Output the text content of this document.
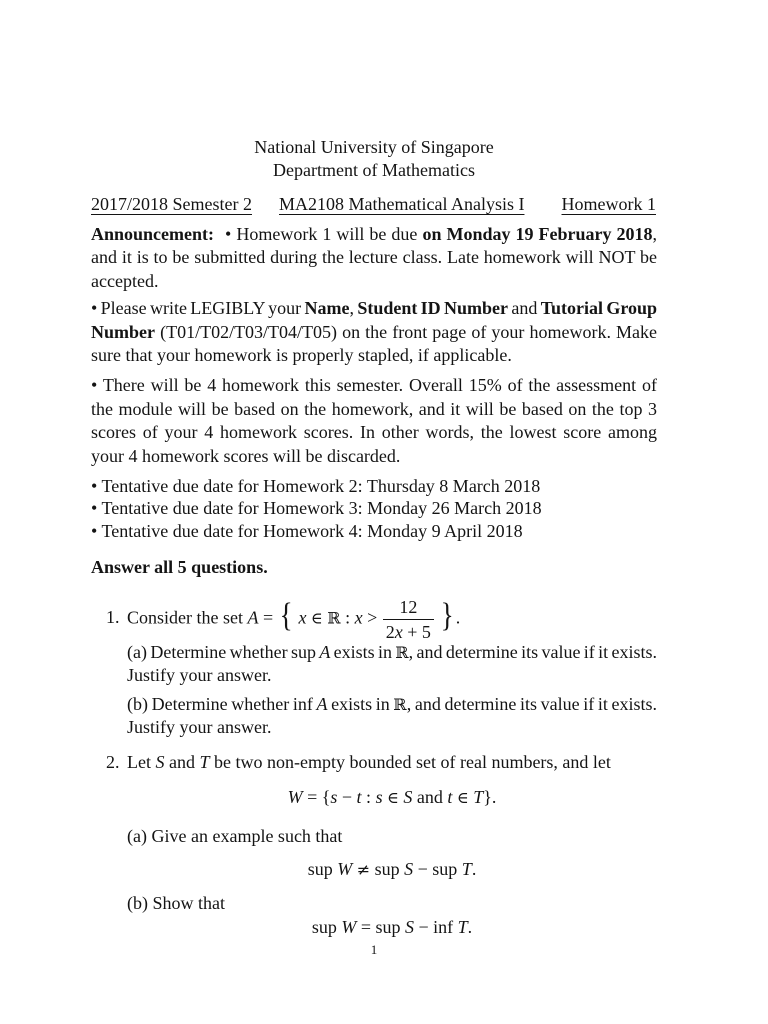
National University of Singapore
Department of Mathematics
2017/2018 Semester 2 MA2108 Mathematical Analysis I Homework 1
Announcement: • Homework 1 will be due on Monday 19 February 2018,
and it is to be submitted during the lecture class. Late homework will NOT be
accepted.
• Please write LEGIBLY your Name, Student ID Number and Tutorial Group
Number (T01/T02/T03/T04/T05) on the front page of your homework. Make
sure that your homework is properly stapled, if applicable.
• There will be 4 homework this semester. Overall 15% of the assessment of
the module will be based on the homework, and it will be based on the top 3
scores of your 4 homework scores. In other words, the lowest score among
your 4 homework scores will be discarded.
• Tentative due date for Homework 2: Thursday 8 March 2018
• Tentative due date for Homework 3: Monday 26 March 2018
• Tentative due date for Homework 4: Monday 9 April 2018
Answer all 5 questions.
1. Consider the set A = { x ∈ ℝ : $x > \frac{12}{2x + 5}$ }.
(a) Determine whether sup A exists in ℝ, and determine its value if it exists.
Justify your answer.
(b) Determine whether inf A exists in ℝ, and determine its value if it exists.
Justify your answer.
2. Let S and T be two non-empty bounded set of real numbers, and let
W = {s − t : s ∈ S and t ∈ T}.
(a) Give an example such that
sup W ≠ sup S − sup T.
(b) Show that
sup W = sup S − inf T.
1
